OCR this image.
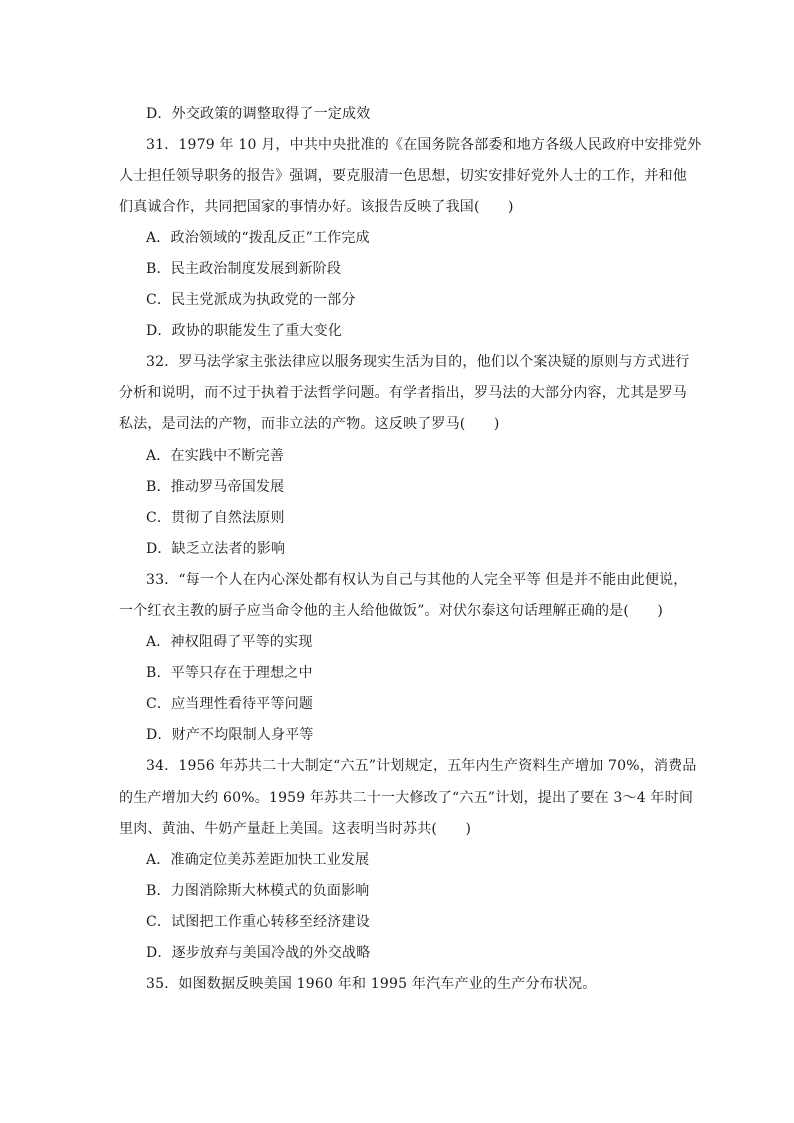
D．外交政策的调整取得了一定成效
31．1979 年 10 月，中共中央批准的《在国务院各部委和地方各级人民政府中安排党外
人士担任领导职务的报告》强调，要克服清一色思想，切实安排好党外人士的工作，并和他
们真诚合作，共同把国家的事情办好。该报告反映了我国(　　)
A．政治领域的“拨乱反正”工作完成
B．民主政治制度发展到新阶段
C．民主党派成为执政党的一部分
D．政协的职能发生了重大变化
32．罗马法学家主张法律应以服务现实生活为目的，他们以个案决疑的原则与方式进行
分析和说明，而不过于执着于法哲学问题。有学者指出，罗马法的大部分内容，尤其是罗马
私法，是司法的产物，而非立法的产物。这反映了罗马(　　)
A．在实践中不断完善
B．推动罗马帝国发展
C．贯彻了自然法原则
D．缺乏立法者的影响
33．“每一个人在内心深处都有权认为自己与其他的人完全平等 但是并不能由此便说，
一个红衣主教的厨子应当命令他的主人给他做饭”。对伏尔泰这句话理解正确的是(　　)
A．神权阻碍了平等的实现
B．平等只存在于理想之中
C．应当理性看待平等问题
D．财产不均限制人身平等
34．1956 年苏共二十大制定“六五”计划规定，五年内生产资料生产增加 70%，消费品
的生产增加大约 60%。1959 年苏共二十一大修改了“六五”计划，提出了要在 3～4 年时间
里肉、黄油、牛奶产量赶上美国。这表明当时苏共(　　)
A．准确定位美苏差距加快工业发展
B．力图消除斯大林模式的负面影响
C．试图把工作重心转移至经济建设
D．逐步放弃与美国冷战的外交战略
35．如图数据反映美国 1960 年和 1995 年汽车产业的生产分布状况。
